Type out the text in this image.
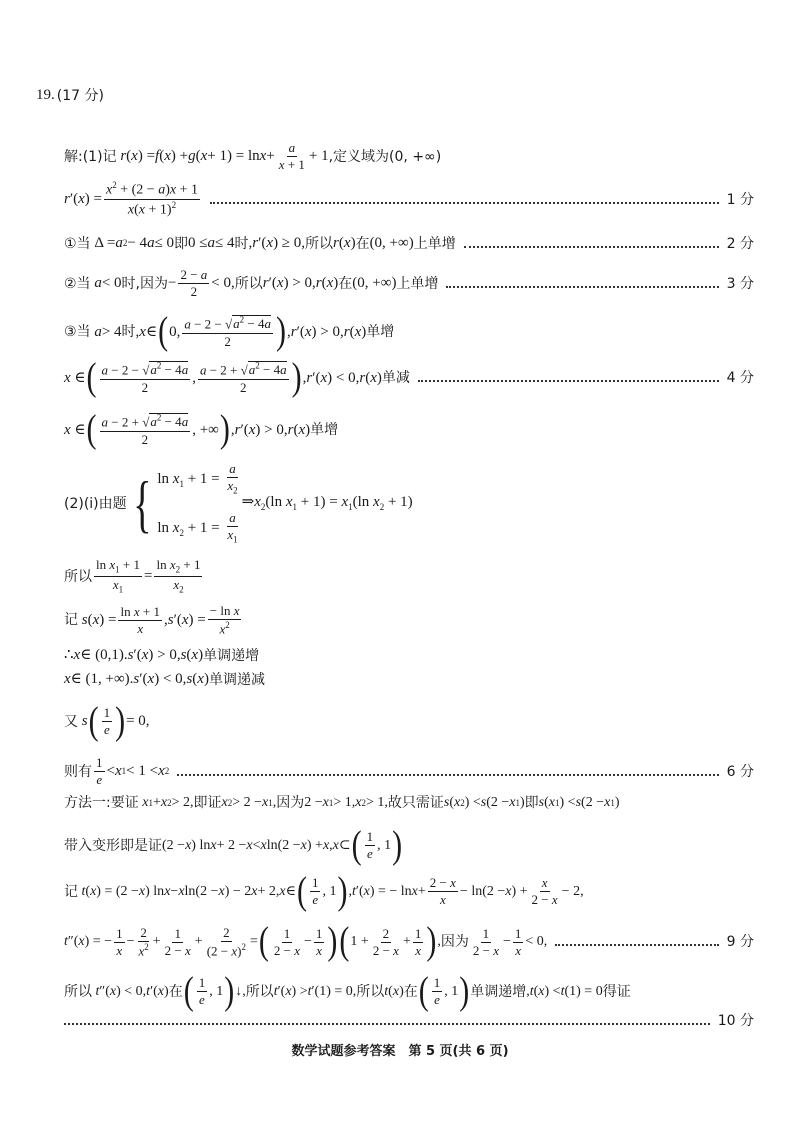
19. (17 分)
解:(1)记 r ( x ) = f ( x ) + g ( $x + 1) = \ln x + \frac{a}{x + 1} + 1$ ,定义域为(0, +∞)
$r'(x) = \frac{x^2 + (2 - a)x + 1}{x(x + 1)^2}$	1 分
①当 Δ = a 2 − 4 a ≤ 0 即 0 ≤ a ≤ 4 时 , r ′( x ) ≥ 0, 所以 r ( x ) 在 (0, +∞) 上单增	2 分
②当
a < 0 时,因为 − $\frac{2 - a}{2} < 0$, 所以 r ′( x ) > 0, r ( x ) 在 (0, +∞) 上单增	3 分
③当
a > 4 时 , x ∈ ( 0, $\frac{a - 2 - √a^2 - 4a}{2}$ ) , r ′( x ) > 0, r ( x ) 单增
x ∈ ( $\frac{a - 2 - √a^2 - 4a}{2}$ , $\frac{a - 2 + √a^2 - 4a}{2}$ ) , r ′( x ) < 0, r ( x ) 单减	4 分
x ∈ ( $\frac{a - 2 + √a^2 - 4a}{2}$ , +∞ ) , r ′( x ) > 0, r ( x ) 单增
(2)(ⅰ)由题 { $\ln x_1 + 1 = \frac{a}{x_2}$
$\ln x_2 + 1 = \frac{a}{x_1}$
$\Rightarrow x_2(\ln$ $x_1 + 1) = x_1(\ln$ $x_2 + 1$)
所以 $\frac{\ln x_1 + 1}{x_1} = \frac{\ln x_2 + 1}{x_2}$
记
s ( x ) = $\frac{\text{ln x + 1}}{x}$ , s ′( x ) = $\frac{\text{− ln x}}{x^2}$
∴ x ∈ (0,1). s ′( x ) > 0, s ( x ) 单调递增
x ∈ (1, +∞). s ′( x ) < 0, s ( x ) 单调递减
又
s ( $\frac{1}{e}$ ) = 0,
则有 $\frac{1}{e} < x$ 1 < 1 < x 2	6 分
方法一:要证
x 1 + x 2 > 2, 即证 x 2 > 2 − x 1 , 因为 2 − x 1 > 1, x 2 > 1, 故只需证 s ( x 2 ) < s (2 − x 1 ) 即 s ( x 1 ) < s (2 − x 1 )
带入变形即是证 (2 − x ) ln x + 2 − x < x ln(2 − x ) + x , x ⊂ ( $\frac{1}{e}$ , 1 )
记
t ( x ) = (2 − x ) ln x − x ln(2 − x ) − 2 x + 2, x ∈ ( $\frac{1}{e}$ , 1 ) , t ′( x ) = − $\ln x + \frac{2 - x}{x} - \ln(2 - x$ ) + $\frac{x}{2 - x} - 2$,
t ″( x ) = − $\frac{1}{x} - \frac{2}{x^2} + \frac{1}{2 - x} + \frac{2}{(2 - x)^2}$ = ( $\frac{1}{2 - x} - \frac{1}{x}$ ) ( $1 + \frac{2}{2 - x} + \frac{1}{x}$ ) , 因为 $\frac{1}{2 - x} - \frac{1}{x} < 0$,	9 分
所以
t ″( x ) < 0, t ′( x ) 在 ( $\frac{1}{e}$ , 1 ) ↓, 所以 t ′( x ) > t ′(1) = 0, 所以 t ( x ) 在 ( $\frac{1}{e}$ , 1 ) 单调递增 , t ( x ) < t (1) = 0 得证
10 分
数学试题参考答案　第 5 页(共 6 页)
